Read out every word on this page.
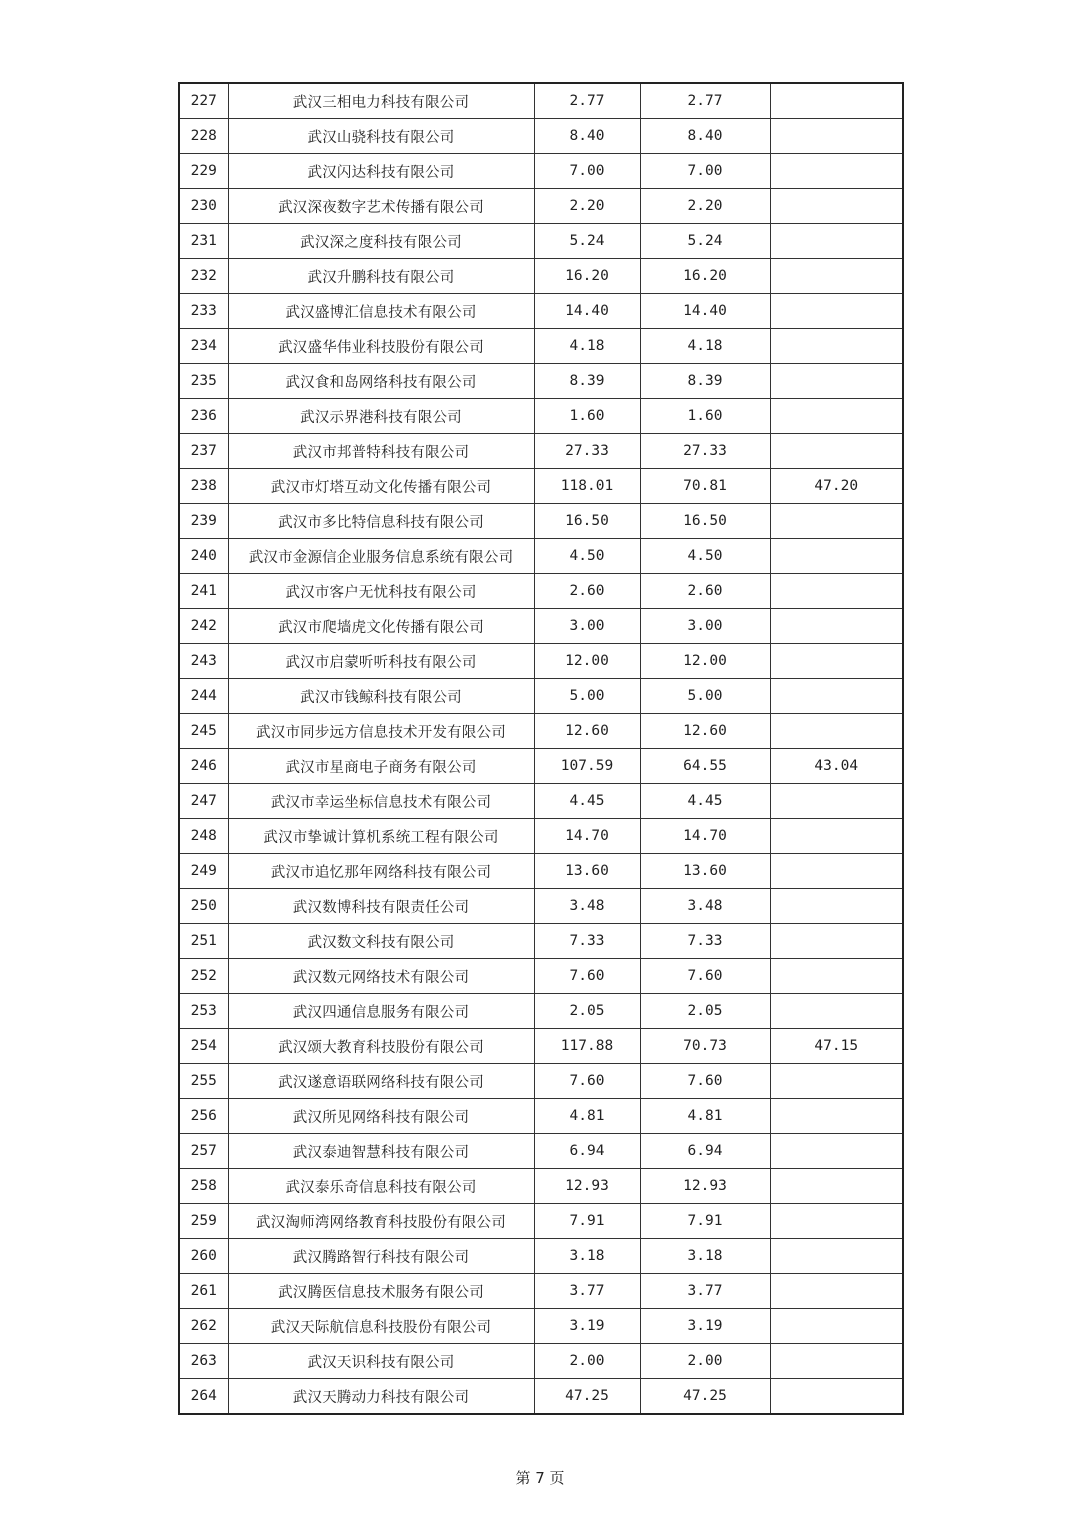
227	武汉三相电力科技有限公司	2.77	2.77	
228	武汉山骁科技有限公司	8.40	8.40	
229	武汉闪达科技有限公司	7.00	7.00	
230	武汉深夜数字艺术传播有限公司	2.20	2.20	
231	武汉深之度科技有限公司	5.24	5.24	
232	武汉升鹏科技有限公司	16.20	16.20	
233	武汉盛博汇信息技术有限公司	14.40	14.40	
234	武汉盛华伟业科技股份有限公司	4.18	4.18	
235	武汉食和岛网络科技有限公司	8.39	8.39	
236	武汉示界港科技有限公司	1.60	1.60	
237	武汉市邦普特科技有限公司	27.33	27.33	
238	武汉市灯塔互动文化传播有限公司	118.01	70.81	47.20
239	武汉市多比特信息科技有限公司	16.50	16.50	
240	武汉市金源信企业服务信息系统有限公司	4.50	4.50	
241	武汉市客户无忧科技有限公司	2.60	2.60	
242	武汉市爬墙虎文化传播有限公司	3.00	3.00	
243	武汉市启蒙听听科技有限公司	12.00	12.00	
244	武汉市钱鲸科技有限公司	5.00	5.00	
245	武汉市同步远方信息技术开发有限公司	12.60	12.60	
246	武汉市星商电子商务有限公司	107.59	64.55	43.04
247	武汉市幸运坐标信息技术有限公司	4.45	4.45	
248	武汉市挚诚计算机系统工程有限公司	14.70	14.70	
249	武汉市追忆那年网络科技有限公司	13.60	13.60	
250	武汉数博科技有限责任公司	3.48	3.48	
251	武汉数文科技有限公司	7.33	7.33	
252	武汉数元网络技术有限公司	7.60	7.60	
253	武汉四通信息服务有限公司	2.05	2.05	
254	武汉颂大教育科技股份有限公司	117.88	70.73	47.15
255	武汉遂意语联网络科技有限公司	7.60	7.60	
256	武汉所见网络科技有限公司	4.81	4.81	
257	武汉泰迪智慧科技有限公司	6.94	6.94	
258	武汉泰乐奇信息科技有限公司	12.93	12.93	
259	武汉淘师湾网络教育科技股份有限公司	7.91	7.91	
260	武汉腾路智行科技有限公司	3.18	3.18	
261	武汉腾医信息技术服务有限公司	3.77	3.77	
262	武汉天际航信息科技股份有限公司	3.19	3.19	
263	武汉天识科技有限公司	2.00	2.00	
264	武汉天腾动力科技有限公司	47.25	47.25	
第 7 页
